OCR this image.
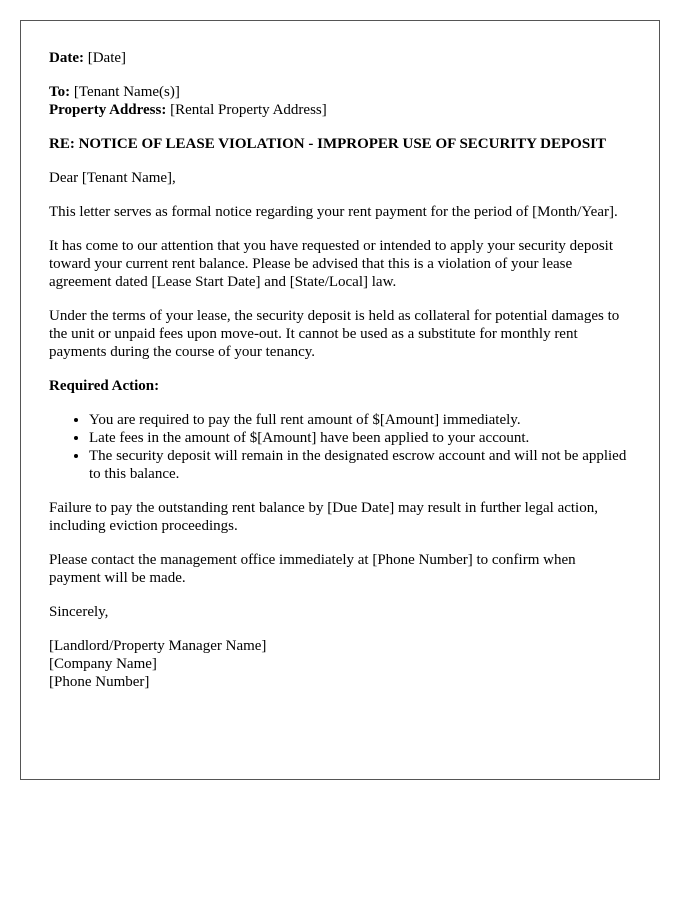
Date: [Date]
To: [Tenant Name(s)]
Property Address: [Rental Property Address]
RE: NOTICE OF LEASE VIOLATION - IMPROPER USE OF SECURITY DEPOSIT

Dear [Tenant Name],

This letter serves as formal notice regarding your rent payment for the period of [Month/Year].

It has come to our attention that you have requested or intended to apply your security deposit toward your current rent balance. Please be advised that this is a violation of your lease agreement dated [Lease Start Date] and [State/Local] law.

Under the terms of your lease, the security deposit is held as collateral for potential damages to the unit or unpaid fees upon move-out. It cannot be used as a substitute for monthly rent payments during the course of your tenancy.

Required Action:
• You are required to pay the full rent amount of $[Amount] immediately.
• Late fees in the amount of $[Amount] have been applied to your account.
• The security deposit will remain in the designated escrow account and will not be applied to this balance.

Failure to pay the outstanding rent balance by [Due Date] may result in further legal action, including eviction proceedings.

Please contact the management office immediately at [Phone Number] to confirm when payment will be made.

Sincerely,

[Landlord/Property Manager Name]
[Company Name]
[Phone Number]
